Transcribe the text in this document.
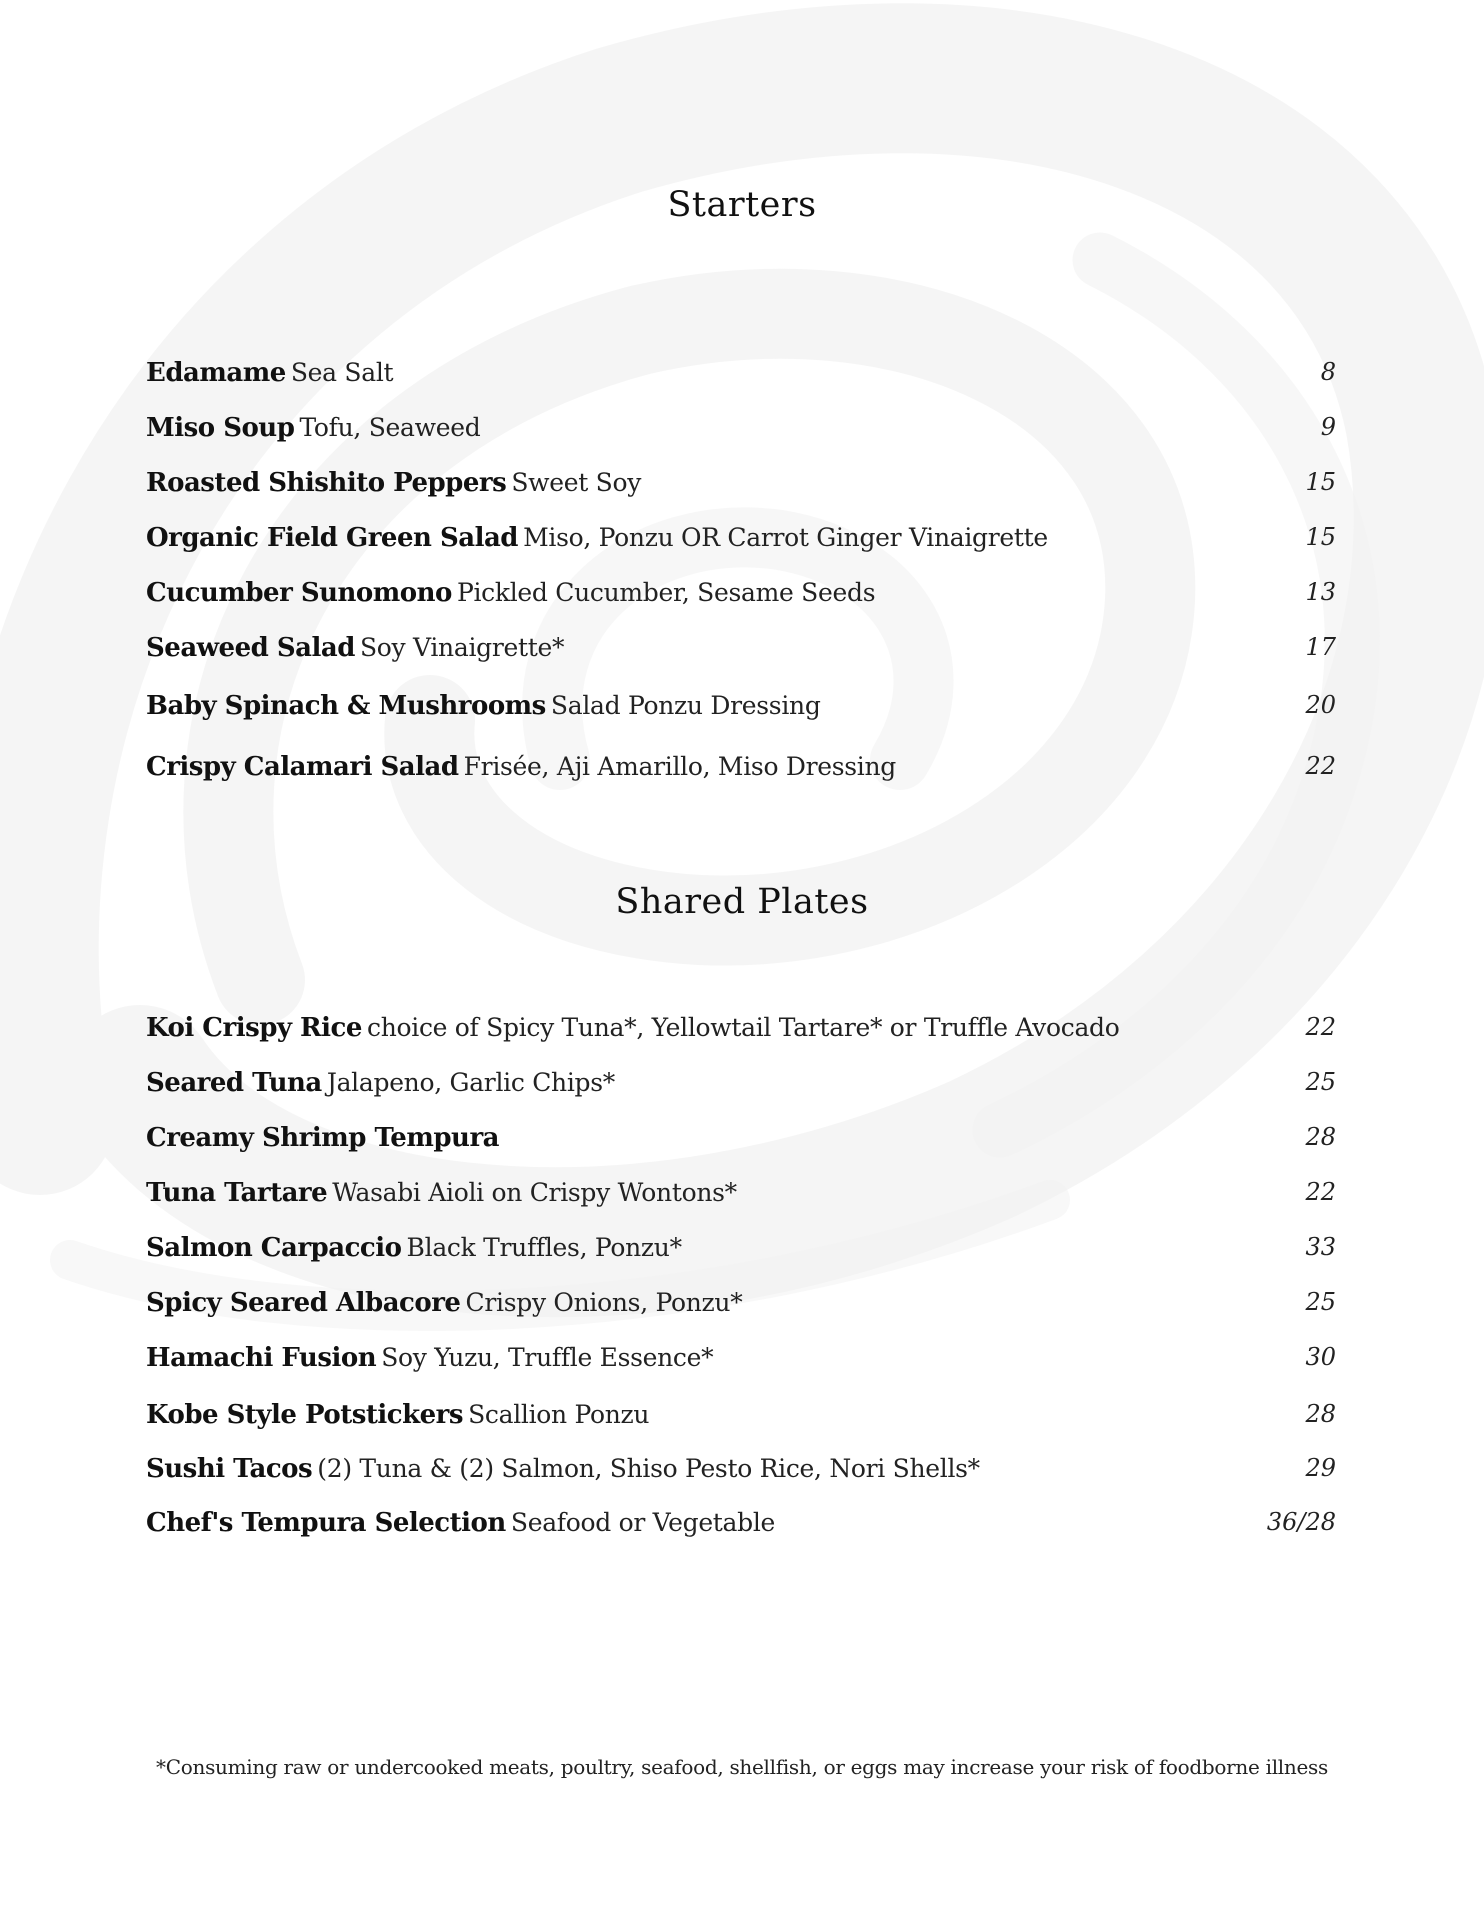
Starters
Edamame Sea Salt	8
Miso Soup Tofu, Seaweed	9
Roasted Shishito Peppers Sweet Soy	15
Organic Field Green Salad Miso, Ponzu OR Carrot Ginger Vinaigrette	15
Cucumber Sunomono Pickled Cucumber, Sesame Seeds	13
Seaweed Salad Soy Vinaigrette*	17
Baby Spinach & Mushrooms Salad Ponzu Dressing	20
Crispy Calamari Salad Frisée, Aji Amarillo, Miso Dressing	22
Shared Plates
Koi Crispy Rice choice of Spicy Tuna*, Yellowtail Tartare* or Truffle Avocado	22
Seared Tuna Jalapeno, Garlic Chips*	25
Creamy Shrimp Tempura	28
Tuna Tartare Wasabi Aioli on Crispy Wontons*	22
Salmon Carpaccio Black Truffles, Ponzu*	33
Spicy Seared Albacore Crispy Onions, Ponzu*	25
Hamachi Fusion Soy Yuzu, Truffle Essence*	30
Kobe Style Potstickers Scallion Ponzu	28
Sushi Tacos (2) Tuna & (2) Salmon, Shiso Pesto Rice, Nori Shells*	29
Chef's Tempura Selection Seafood or Vegetable	36/28

*Consuming raw or undercooked meats, poultry, seafood, shellfish, or eggs may increase your risk of foodborne illness
